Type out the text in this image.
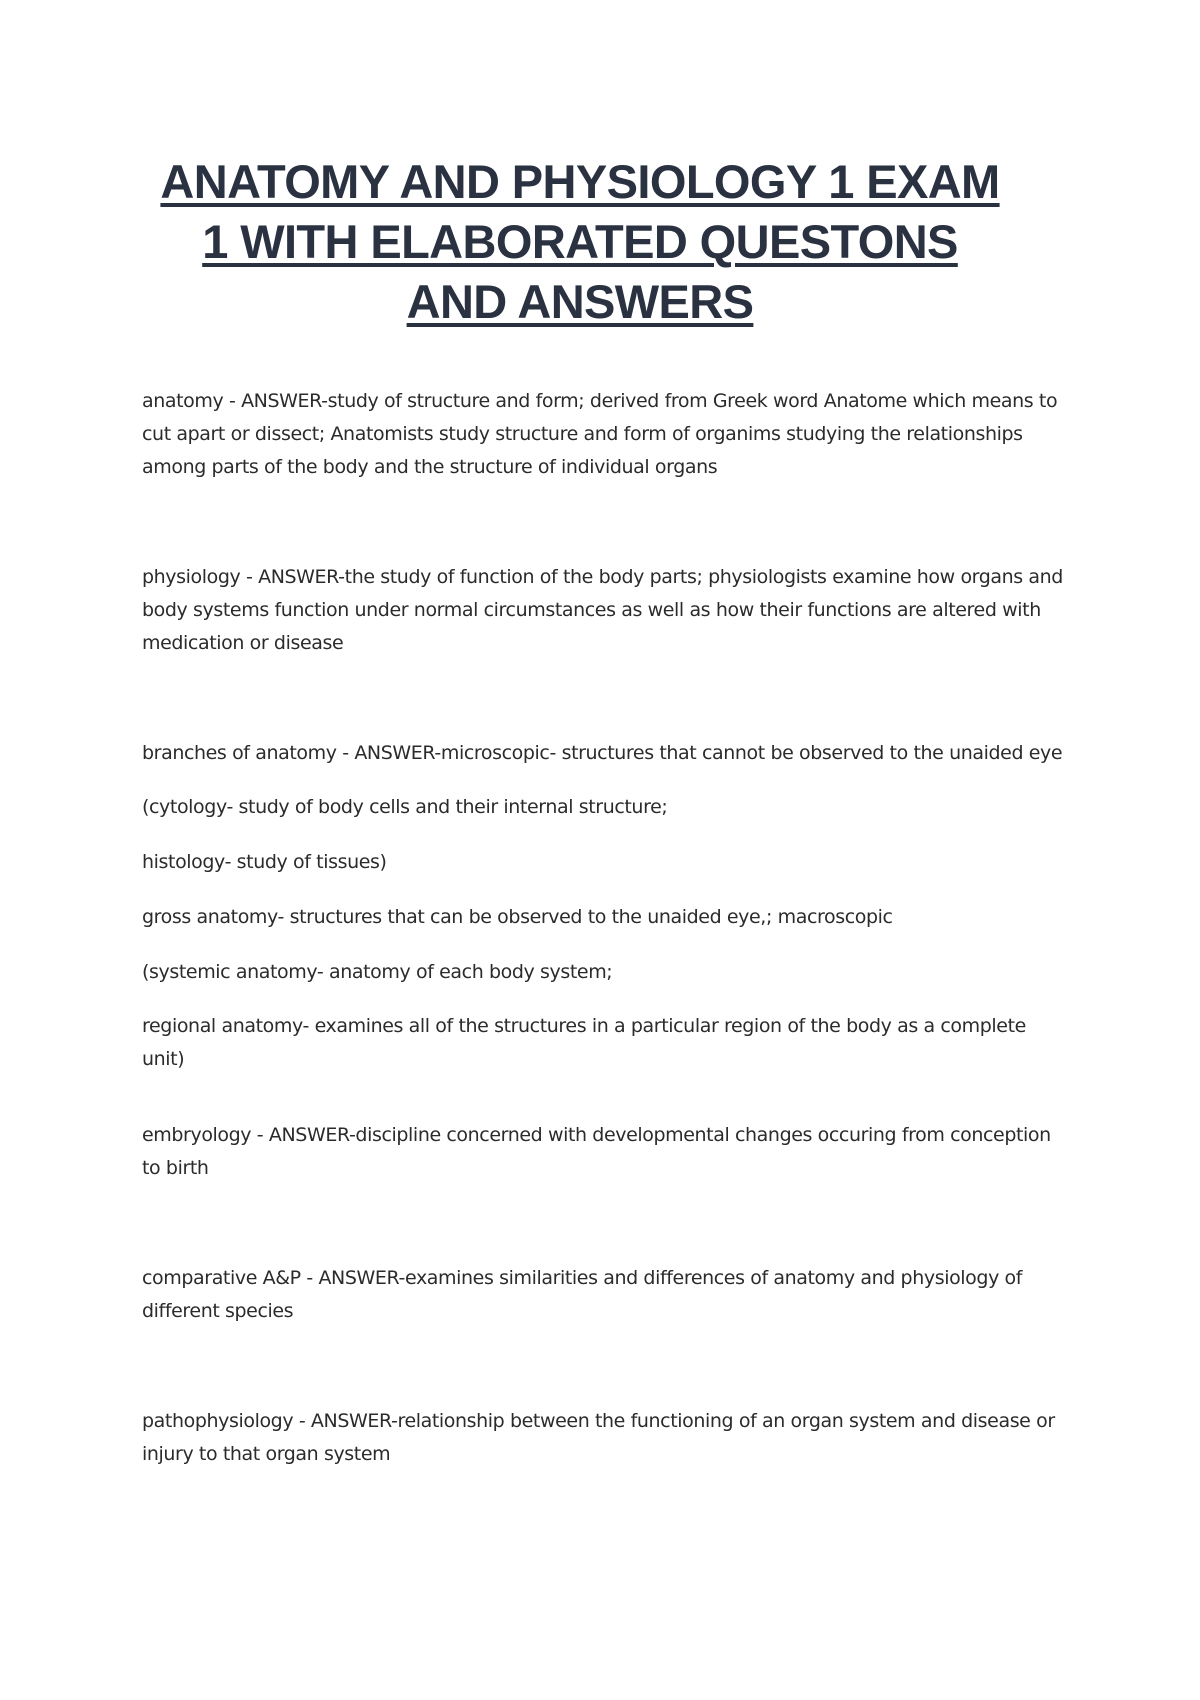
ANATOMY AND PHYSIOLOGY 1 EXAM
1 WITH ELABORATED QUESTONS
AND ANSWERS

anatomy - ANSWER-study of structure and form; derived from Greek word Anatome which means to cut apart or dissect; Anatomists study structure and form of organims studying the relationships among parts of the body and the structure of individual organs

physiology - ANSWER-the study of function of the body parts; physiologists examine how organs and body systems function under normal circumstances as well as how their functions are altered with medication or disease

branches of anatomy - ANSWER-microscopic- structures that cannot be observed to the unaided eye

(cytology- study of body cells and their internal structure;

histology- study of tissues)

gross anatomy- structures that can be observed to the unaided eye,; macroscopic

(systemic anatomy- anatomy of each body system;

regional anatomy- examines all of the structures in a particular region of the body as a complete unit)

embryology - ANSWER-discipline concerned with developmental changes occuring from conception to birth

comparative A&P - ANSWER-examines similarities and differences of anatomy and physiology of different species

pathophysiology - ANSWER-relationship between the functioning of an organ system and disease or injury to that organ system
